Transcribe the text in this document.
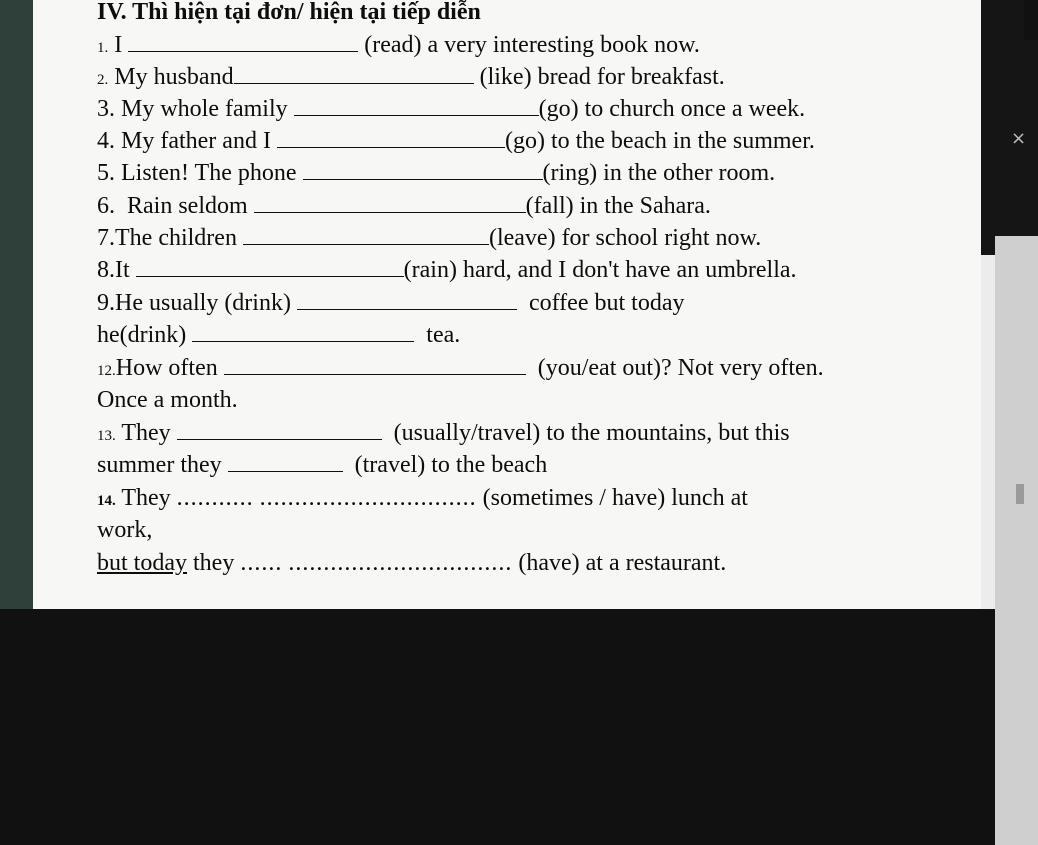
×
IV. Thì hiện tại đơn/ hiện tại tiếp diễn
1. I	(read) a very interesting book now.
2. My husband	(like) bread for breakfast.
3. My whole family	(go) to church once a week.
4. My father and I	(go) to the beach in the summer.
5. Listen! The phone	(ring) in the other room.
6. Rain seldom	(fall) in the Sahara.
7.The children	(leave) for school right now.
8.It	(rain) hard, and I don't have an umbrella.
9.He usually (drink)	coffee but today
he(drink)	tea.
12.How often	(you/eat out)? Not very often.
Once a month.
13. They	(usually/travel) to the mountains, but this
summer they	(travel) to the beach
14. They ........... ............................... (sometimes / have) lunch at
work,
but today they ...... ................................ (have) at a restaurant.
